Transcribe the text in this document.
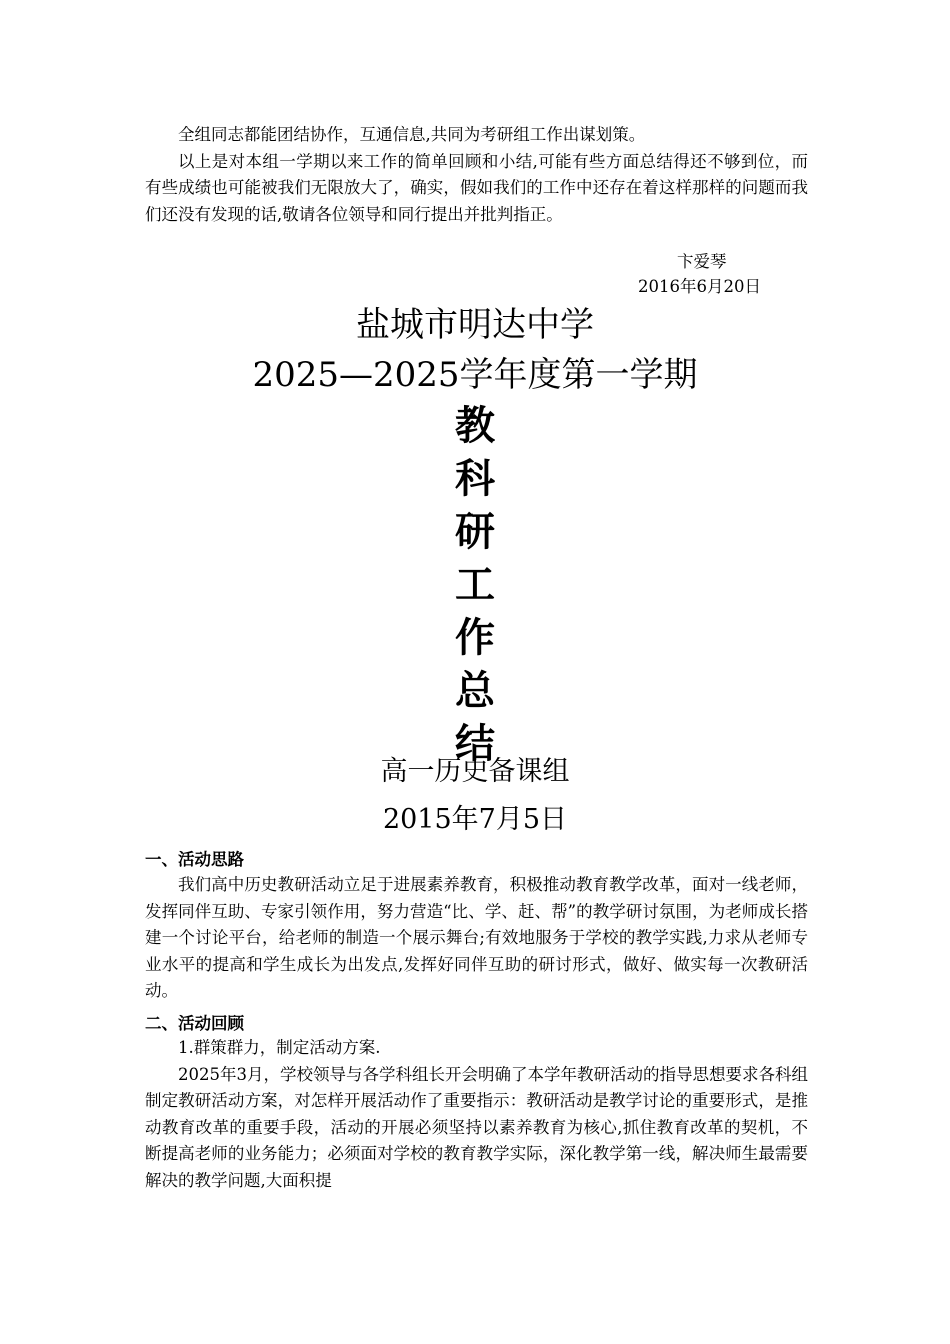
全组同志都能团结协作，互通信息,共同为考研组工作出谋划策。

以上是对本组一学期以来工作的简单回顾和小结,可能有些方面总结得还不够到位，而有些成绩也可能被我们无限放大了，确实，假如我们的工作中还存在着这样那样的问题而我们还没有发现的话,敬请各位领导和同行提出并批判指正。

卞爱琴
2016年6月20日
盐城市明达中学
2025—2025学年度第一学期
教
科
研
工
作
总
结
高一历史备课组
2015年7月5日
一、活动思路

我们高中历史教研活动立足于进展素养教育，积极推动教育教学改革，面对一线老师，发挥同伴互助、专家引领作用，努力营造“比、学、赶、帮”的教学研讨氛围，为老师成长搭建一个讨论平台，给老师的制造一个展示舞台;有效地服务于学校的教学实践,力求从老师专业水平的提高和学生成长为出发点,发挥好同伴互助的研讨形式，做好、做实每一次教研活动。

二、活动回顾

1.群策群力，制定活动方案.

2025年3月，学校领导与各学科组长开会明确了本学年教研活动的指导思想要求各科组制定教研活动方案，对怎样开展活动作了重要指示：教研活动是教学讨论的重要形式，是推动教育改革的重要手段，活动的开展必须坚持以素养教育为核心,抓住教育改革的契机，不断提高老师的业务能力；必须面对学校的教育教学实际，深化教学第一线，解决师生最需要解决的教学问题,大面积提
